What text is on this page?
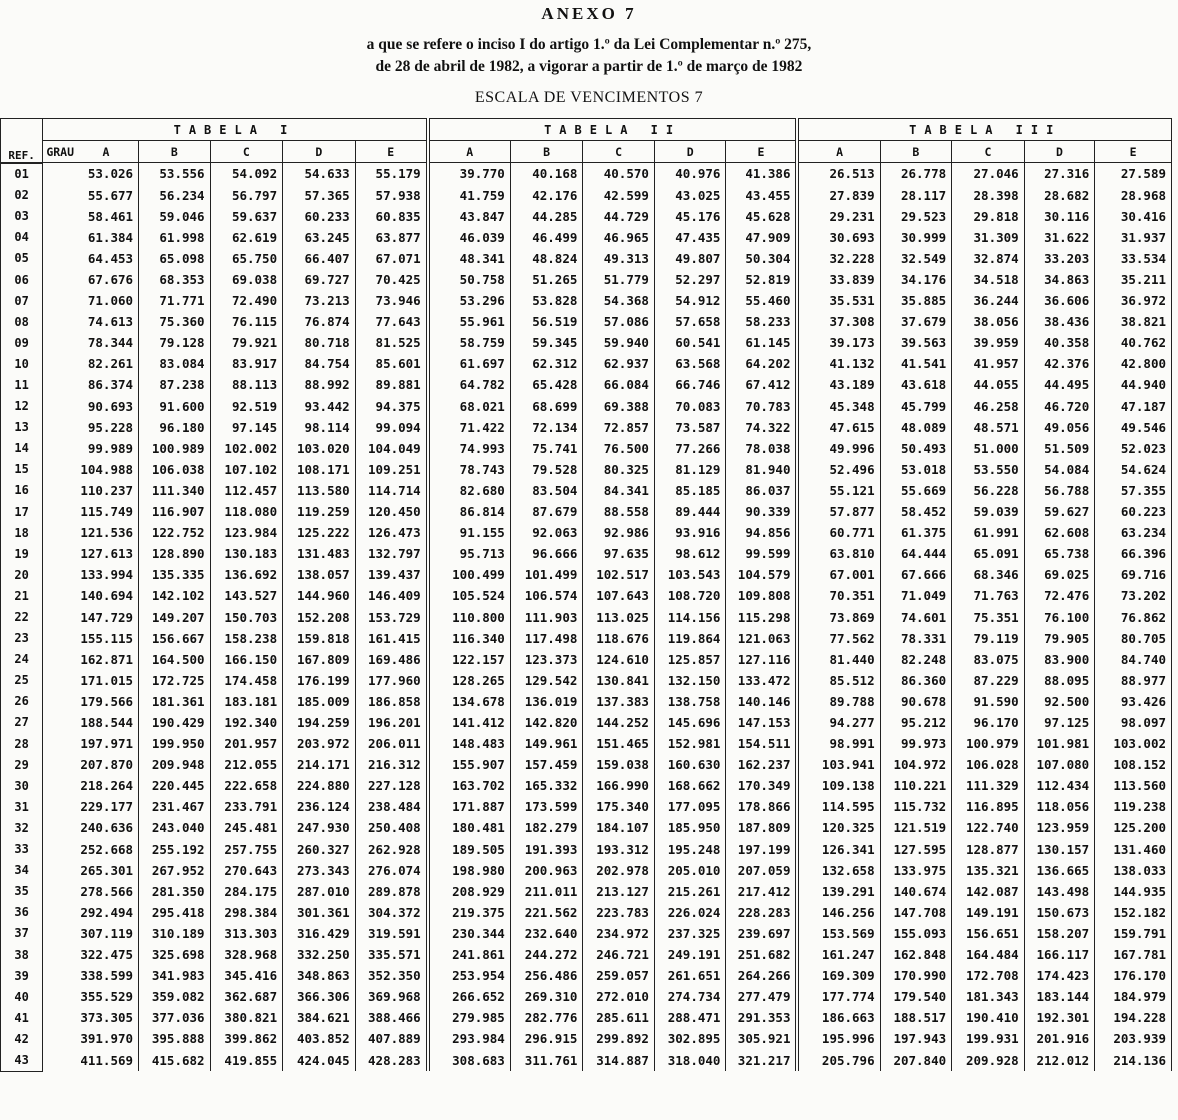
ANEXO 7
a que se refere o inciso I do artigo 1.º da Lei Complementar n.º 275,
de 28 de abril de 1982, a vigorar a partir de 1.º de março de 1982
ESCALA DE VENCIMENTOS 7
REF.	TABELA I					TABELA II					TABELA III				

	GRAU A	B	C	D	E	A	B	C	D	E	A	B	C	D	E
01	53.026	53.556	54.092	54.633	55.179	39.770	40.168	40.570	40.976	41.386	26.513	26.778	27.046	27.316	27.589
02	55.677	56.234	56.797	57.365	57.938	41.759	42.176	42.599	43.025	43.455	27.839	28.117	28.398	28.682	28.968
03	58.461	59.046	59.637	60.233	60.835	43.847	44.285	44.729	45.176	45.628	29.231	29.523	29.818	30.116	30.416
04	61.384	61.998	62.619	63.245	63.877	46.039	46.499	46.965	47.435	47.909	30.693	30.999	31.309	31.622	31.937
05	64.453	65.098	65.750	66.407	67.071	48.341	48.824	49.313	49.807	50.304	32.228	32.549	32.874	33.203	33.534
06	67.676	68.353	69.038	69.727	70.425	50.758	51.265	51.779	52.297	52.819	33.839	34.176	34.518	34.863	35.211
07	71.060	71.771	72.490	73.213	73.946	53.296	53.828	54.368	54.912	55.460	35.531	35.885	36.244	36.606	36.972
08	74.613	75.360	76.115	76.874	77.643	55.961	56.519	57.086	57.658	58.233	37.308	37.679	38.056	38.436	38.821
09	78.344	79.128	79.921	80.718	81.525	58.759	59.345	59.940	60.541	61.145	39.173	39.563	39.959	40.358	40.762
10	82.261	83.084	83.917	84.754	85.601	61.697	62.312	62.937	63.568	64.202	41.132	41.541	41.957	42.376	42.800
11	86.374	87.238	88.113	88.992	89.881	64.782	65.428	66.084	66.746	67.412	43.189	43.618	44.055	44.495	44.940
12	90.693	91.600	92.519	93.442	94.375	68.021	68.699	69.388	70.083	70.783	45.348	45.799	46.258	46.720	47.187
13	95.228	96.180	97.145	98.114	99.094	71.422	72.134	72.857	73.587	74.322	47.615	48.089	48.571	49.056	49.546
14	99.989	100.989	102.002	103.020	104.049	74.993	75.741	76.500	77.266	78.038	49.996	50.493	51.000	51.509	52.023
15	104.988	106.038	107.102	108.171	109.251	78.743	79.528	80.325	81.129	81.940	52.496	53.018	53.550	54.084	54.624
16	110.237	111.340	112.457	113.580	114.714	82.680	83.504	84.341	85.185	86.037	55.121	55.669	56.228	56.788	57.355
17	115.749	116.907	118.080	119.259	120.450	86.814	87.679	88.558	89.444	90.339	57.877	58.452	59.039	59.627	60.223
18	121.536	122.752	123.984	125.222	126.473	91.155	92.063	92.986	93.916	94.856	60.771	61.375	61.991	62.608	63.234
19	127.613	128.890	130.183	131.483	132.797	95.713	96.666	97.635	98.612	99.599	63.810	64.444	65.091	65.738	66.396
20	133.994	135.335	136.692	138.057	139.437	100.499	101.499	102.517	103.543	104.579	67.001	67.666	68.346	69.025	69.716
21	140.694	142.102	143.527	144.960	146.409	105.524	106.574	107.643	108.720	109.808	70.351	71.049	71.763	72.476	73.202
22	147.729	149.207	150.703	152.208	153.729	110.800	111.903	113.025	114.156	115.298	73.869	74.601	75.351	76.100	76.862
23	155.115	156.667	158.238	159.818	161.415	116.340	117.498	118.676	119.864	121.063	77.562	78.331	79.119	79.905	80.705
24	162.871	164.500	166.150	167.809	169.486	122.157	123.373	124.610	125.857	127.116	81.440	82.248	83.075	83.900	84.740
25	171.015	172.725	174.458	176.199	177.960	128.265	129.542	130.841	132.150	133.472	85.512	86.360	87.229	88.095	88.977
26	179.566	181.361	183.181	185.009	186.858	134.678	136.019	137.383	138.758	140.146	89.788	90.678	91.590	92.500	93.426
27	188.544	190.429	192.340	194.259	196.201	141.412	142.820	144.252	145.696	147.153	94.277	95.212	96.170	97.125	98.097
28	197.971	199.950	201.957	203.972	206.011	148.483	149.961	151.465	152.981	154.511	98.991	99.973	100.979	101.981	103.002
29	207.870	209.948	212.055	214.171	216.312	155.907	157.459	159.038	160.630	162.237	103.941	104.972	106.028	107.080	108.152
30	218.264	220.445	222.658	224.880	227.128	163.702	165.332	166.990	168.662	170.349	109.138	110.221	111.329	112.434	113.560
31	229.177	231.467	233.791	236.124	238.484	171.887	173.599	175.340	177.095	178.866	114.595	115.732	116.895	118.056	119.238
32	240.636	243.040	245.481	247.930	250.408	180.481	182.279	184.107	185.950	187.809	120.325	121.519	122.740	123.959	125.200
33	252.668	255.192	257.755	260.327	262.928	189.505	191.393	193.312	195.248	197.199	126.341	127.595	128.877	130.157	131.460
34	265.301	267.952	270.643	273.343	276.074	198.980	200.963	202.978	205.010	207.059	132.658	133.975	135.321	136.665	138.033
35	278.566	281.350	284.175	287.010	289.878	208.929	211.011	213.127	215.261	217.412	139.291	140.674	142.087	143.498	144.935
36	292.494	295.418	298.384	301.361	304.372	219.375	221.562	223.783	226.024	228.283	146.256	147.708	149.191	150.673	152.182
37	307.119	310.189	313.303	316.429	319.591	230.344	232.640	234.972	237.325	239.697	153.569	155.093	156.651	158.207	159.791
38	322.475	325.698	328.968	332.250	335.571	241.861	244.272	246.721	249.191	251.682	161.247	162.848	164.484	166.117	167.781
39	338.599	341.983	345.416	348.863	352.350	253.954	256.486	259.057	261.651	264.266	169.309	170.990	172.708	174.423	176.170
40	355.529	359.082	362.687	366.306	369.968	266.652	269.310	272.010	274.734	277.479	177.774	179.540	181.343	183.144	184.979
41	373.305	377.036	380.821	384.621	388.466	279.985	282.776	285.611	288.471	291.353	186.663	188.517	190.410	192.301	194.228
42	391.970	395.888	399.862	403.852	407.889	293.984	296.915	299.892	302.895	305.921	195.996	197.943	199.931	201.916	203.939
43	411.569	415.682	419.855	424.045	428.283	308.683	311.761	314.887	318.040	321.217	205.796	207.840	209.928	212.012	214.136
